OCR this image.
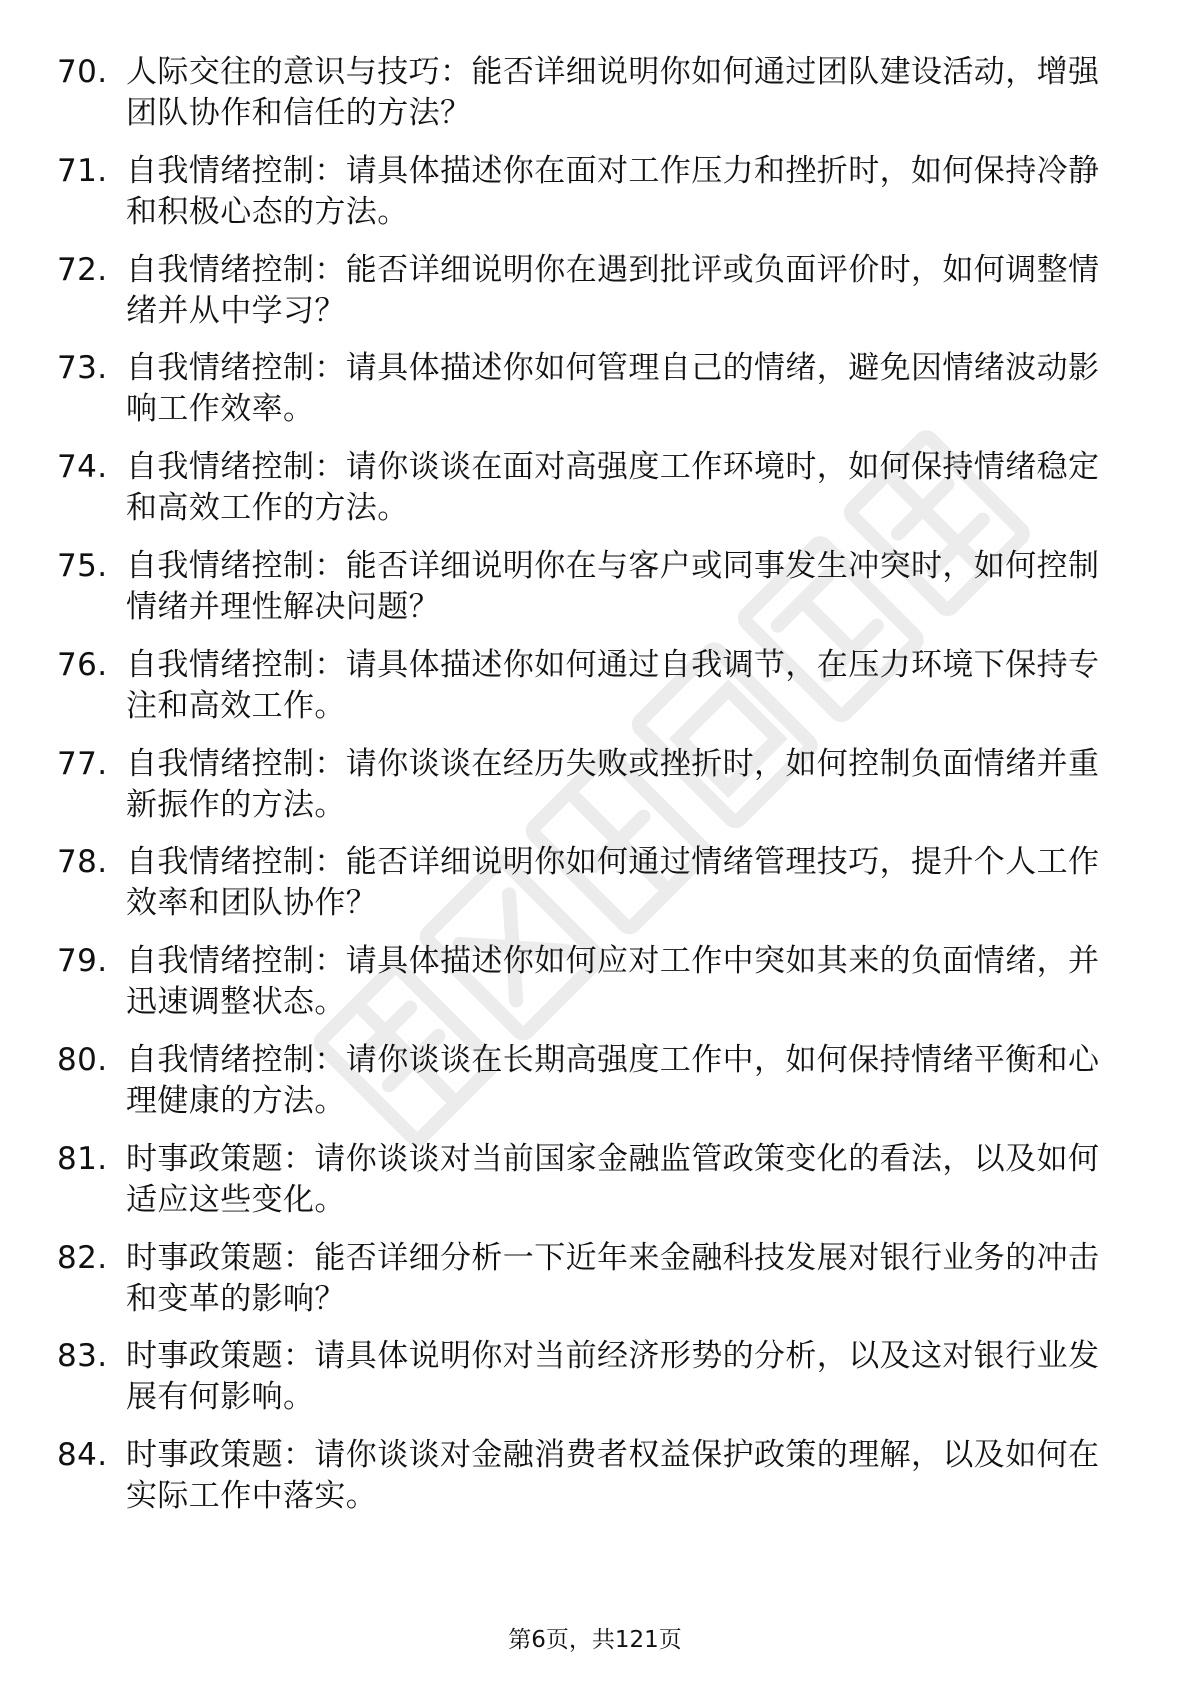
70. 人际交往的意识与技巧：能否详细说明你如何通过团队建设活动，增强团队协作和信任的方法？
71. 自我情绪控制：请具体描述你在面对工作压力和挫折时，如何保持冷静和积极心态的方法。
72. 自我情绪控制：能否详细说明你在遇到批评或负面评价时，如何调整情绪并从中学习？
73. 自我情绪控制：请具体描述你如何管理自己的情绪，避免因情绪波动影响工作效率。
74. 自我情绪控制：请你谈谈在面对高强度工作环境时，如何保持情绪稳定和高效工作的方法。
75. 自我情绪控制：能否详细说明你在与客户或同事发生冲突时，如何控制情绪并理性解决问题？
76. 自我情绪控制：请具体描述你如何通过自我调节，在压力环境下保持专注和高效工作。
77. 自我情绪控制：请你谈谈在经历失败或挫折时，如何控制负面情绪并重新振作的方法。
78. 自我情绪控制：能否详细说明你如何通过情绪管理技巧，提升个人工作效率和团队协作？
79. 自我情绪控制：请具体描述你如何应对工作中突如其来的负面情绪，并迅速调整状态。
80. 自我情绪控制：请你谈谈在长期高强度工作中，如何保持情绪平衡和心理健康的方法。
81. 时事政策题：请你谈谈对当前国家金融监管政策变化的看法，以及如何适应这些变化。
82. 时事政策题：能否详细分析一下近年来金融科技发展对银行业务的冲击和变革的影响？
83. 时事政策题：请具体说明你对当前经济形势的分析，以及这对银行业发展有何影响。
84. 时事政策题：请你谈谈对金融消费者权益保护政策的理解，以及如何在实际工作中落实。
第6页，共121页
